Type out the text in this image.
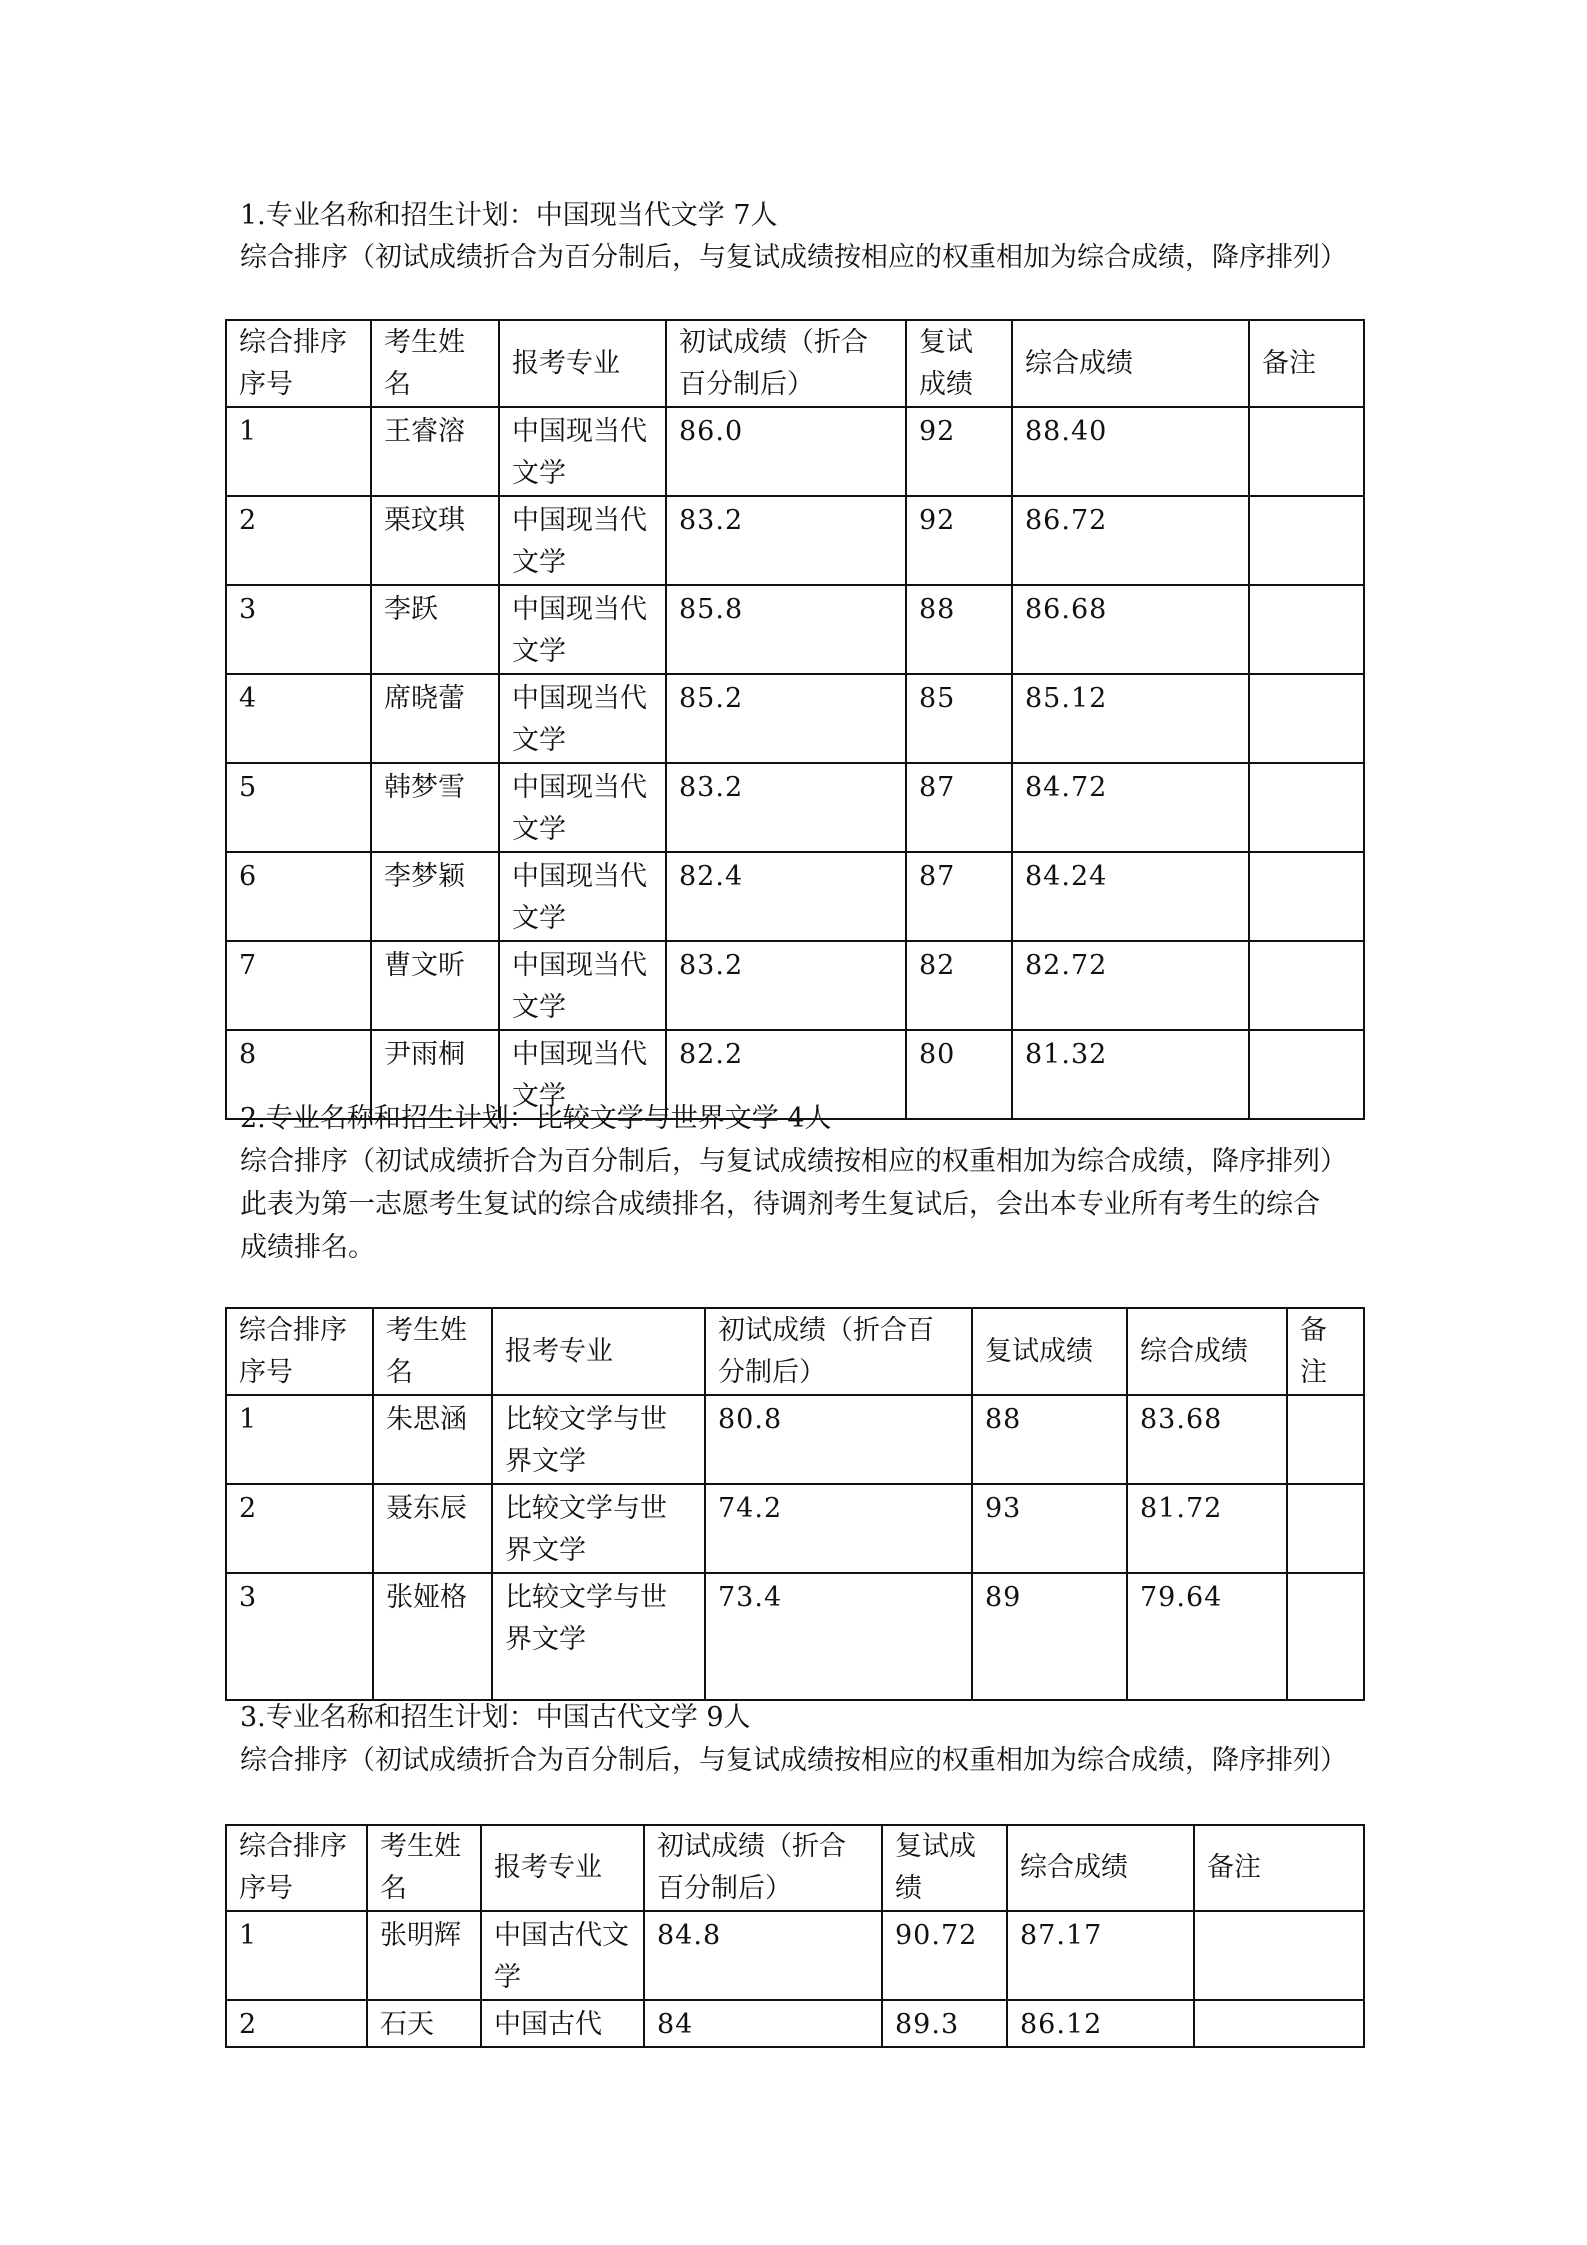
1.专业名称和招生计划：中国现当代文学 7人
综合排序（初试成绩折合为百分制后，与复试成绩按相应的权重相加为综合成绩，降序排列）
综合排序序号	考生姓名	报考专业	初试成绩（折合百分制后）	复试成绩	综合成绩	备注
1	王睿溶	中国现当代文学	86.0	92	88.40	
2	栗玟琪	中国现当代文学	83.2	92	86.72	
3	李跃	中国现当代文学	85.8	88	86.68	
4	席晓蕾	中国现当代文学	85.2	85	85.12	
5	韩梦雪	中国现当代文学	83.2	87	84.72	
6	李梦颖	中国现当代文学	82.4	87	84.24	
7	曹文昕	中国现当代文学	83.2	82	82.72	
8	尹雨桐	中国现当代文学	82.2	80	81.32	
2.专业名称和招生计划：比较文学与世界文学 4人
综合排序（初试成绩折合为百分制后，与复试成绩按相应的权重相加为综合成绩，降序排列）
此表为第一志愿考生复试的综合成绩排名，待调剂考生复试后，会出本专业所有考生的综合
成绩排名。
综合排序序号	考生姓名	报考专业	初试成绩（折合百分制后）	复试成绩	综合成绩	备注
1	朱思涵	比较文学与世界文学	80.8	88	83.68	
2	聂东辰	比较文学与世界文学	74.2	93	81.72	
3	张娅格	比较文学与世界文学	73.4	89	79.64	
3.专业名称和招生计划：中国古代文学 9人
综合排序（初试成绩折合为百分制后，与复试成绩按相应的权重相加为综合成绩，降序排列）
综合排序序号	考生姓名	报考专业	初试成绩（折合百分制后）	复试成绩	综合成绩	备注
1	张明辉	中国古代文学	84.8	90.72	87.17	
2	石天	中国古代	84	89.3	86.12	
